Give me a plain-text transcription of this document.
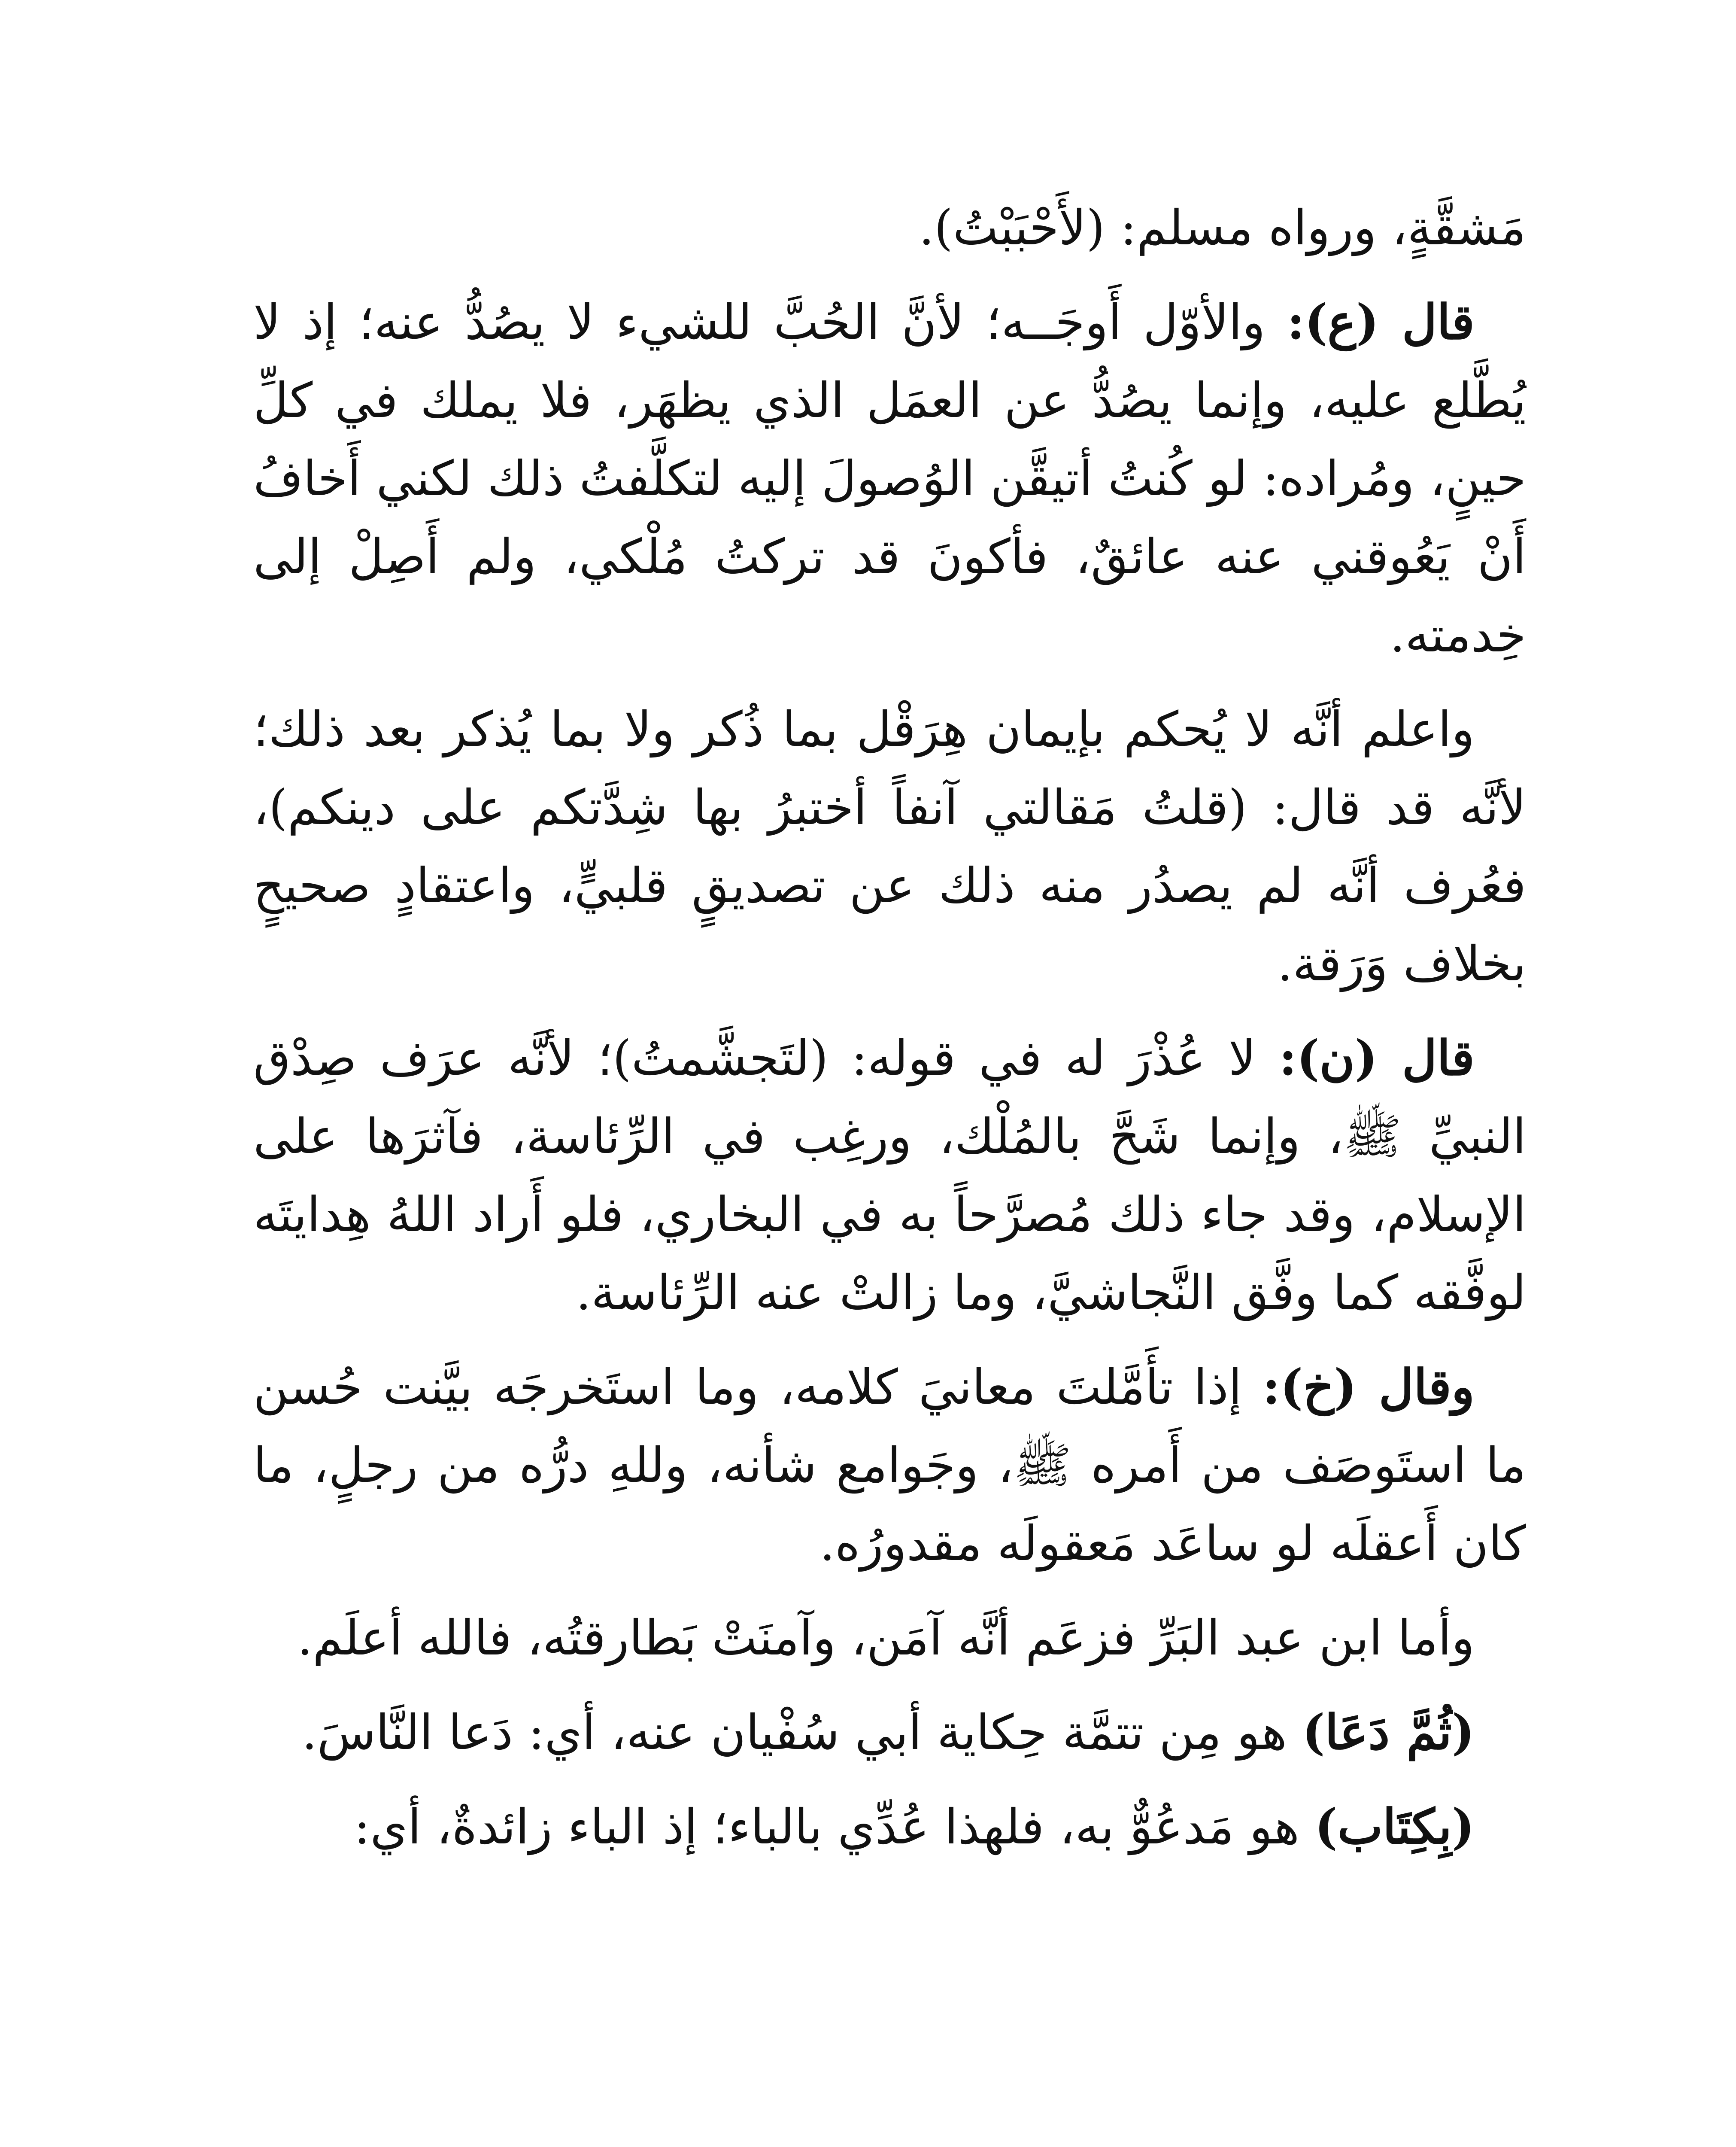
مَشقَّةٍ، ورواه مسلم: (لأَحْبَبْتُ).

قال (ع): والأوّل أَوجَــه؛ لأنَّ الحُبَّ للشيء لا يصُدُّ عنه؛ إذ لا يُطَّلع عليه، وإنما يصُدُّ عن العمَل الذي يظهَر، فلا يملك في كلِّ حينٍ، ومُراده: لو كُنتُ أتيقَّن الوُصولَ إليه لتكلَّفتُ ذلك لكني أَخافُ أَنْ يَعُوقني عنه عائقٌ، فأكونَ قد تركتُ مُلْكي، ولم أَصِلْ إلى خِدمته.

واعلم أنَّه لا يُحكم بإيمان هِرَقْل بما ذُكر ولا بما يُذكر بعد ذلك؛ لأنَّه قد قال: (قلتُ مَقالتي آنفاً أختبرُ بها شِدَّتكم على دينكم)، فعُرف أنَّه لم يصدُر منه ذلك عن تصديقٍ قلبيٍّ، واعتقادٍ صحيحٍ بخلاف وَرَقة.

قال (ن): لا عُذْرَ له في قوله: (لتَجشَّمتُ)؛ لأنَّه عرَف صِدْق النبيِّ ﷺ، وإنما شَحَّ بالمُلْك، ورغِب في الرِّئاسة، فآثرَها على الإسلام، وقد جاء ذلك مُصرَّحاً به في البخاري، فلو أَراد اللهُ هِدايتَه لوفَّقه كما وفَّق النَّجاشيَّ، وما زالتْ عنه الرِّئاسة.

وقال (خ): إذا تأَمَّلتَ معانيَ كلامه، وما استَخرجَه بيَّنت حُسن ما استَوصَف من أَمره ﷺ، وجَوامع شأنه، وللهِ درُّه من رجلٍ، ما كان أَعقلَه لو ساعَد مَعقولَه مقدورُه.

وأما ابن عبد البَرِّ فزعَم أنَّه آمَن، وآمنَتْ بَطارقتُه، فالله أعلَم.

(ثُمَّ دَعَا) هو مِن تتمَّة حِكاية أبي سُفْيان عنه، أي: دَعا النَّاسَ.

(بِكِتَاب) هو مَدعُوٌّ به، فلهذا عُدِّي بالباء؛ إذ الباء زائدةٌ، أي:
